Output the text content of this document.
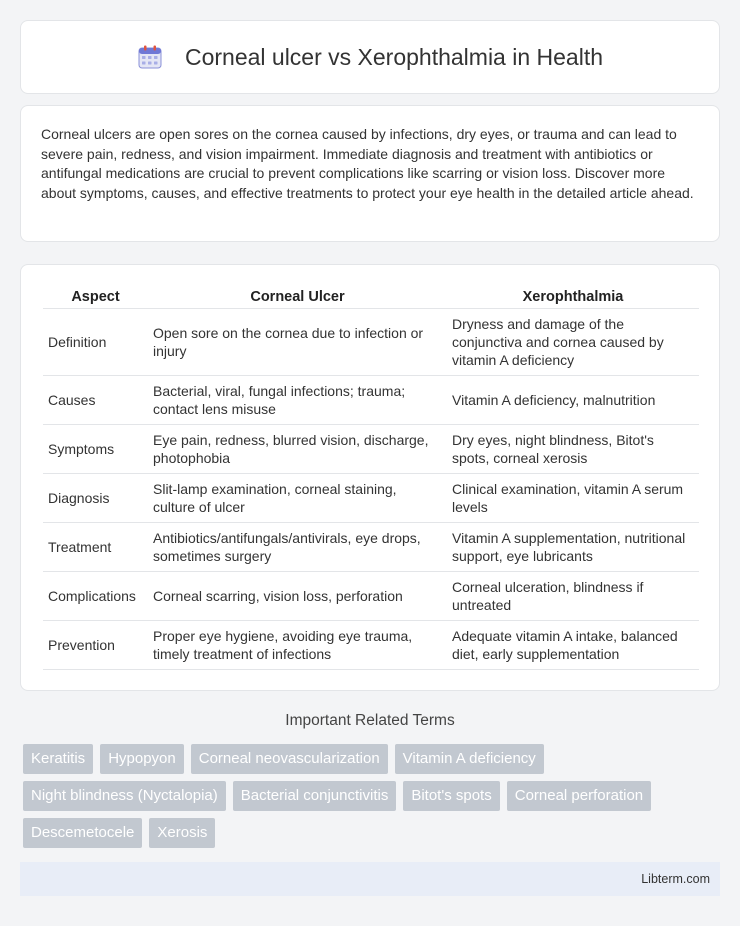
Corneal ulcer vs Xerophthalmia in Health

Corneal ulcers are open sores on the cornea caused by infections, dry eyes, or trauma and can lead to severe pain, redness, and vision impairment. Immediate diagnosis and treatment with antibiotics or antifungal medications are crucial to prevent complications like scarring or vision loss. Discover more about symptoms, causes, and effective treatments to protect your eye health in the detailed article ahead.

Aspect	Corneal Ulcer	Xerophthalmia
Definition	Open sore on the cornea due to infection or injury	Dryness and damage of the conjunctiva and cornea caused by vitamin A deficiency
Causes	Bacterial, viral, fungal infections; trauma; contact lens misuse	Vitamin A deficiency, malnutrition
Symptoms	Eye pain, redness, blurred vision, discharge, photophobia	Dry eyes, night blindness, Bitot's spots, corneal xerosis
Diagnosis	Slit-lamp examination, corneal staining, culture of ulcer	Clinical examination, vitamin A serum levels
Treatment	Antibiotics/antifungals/antivirals, eye drops, sometimes surgery	Vitamin A supplementation, nutritional support, eye lubricants
Complications	Corneal scarring, vision loss, perforation	Corneal ulceration, blindness if untreated
Prevention	Proper eye hygiene, avoiding eye trauma, timely treatment of infections	Adequate vitamin A intake, balanced diet, early supplementation
Important Related Terms
Keratitis	Hypopyon	Corneal neovascularization	Vitamin A deficiency
Night blindness (Nyctalopia)	Bacterial conjunctivitis	Bitot's spots	Corneal perforation
Descemetocele	Xerosis
Libterm.com
